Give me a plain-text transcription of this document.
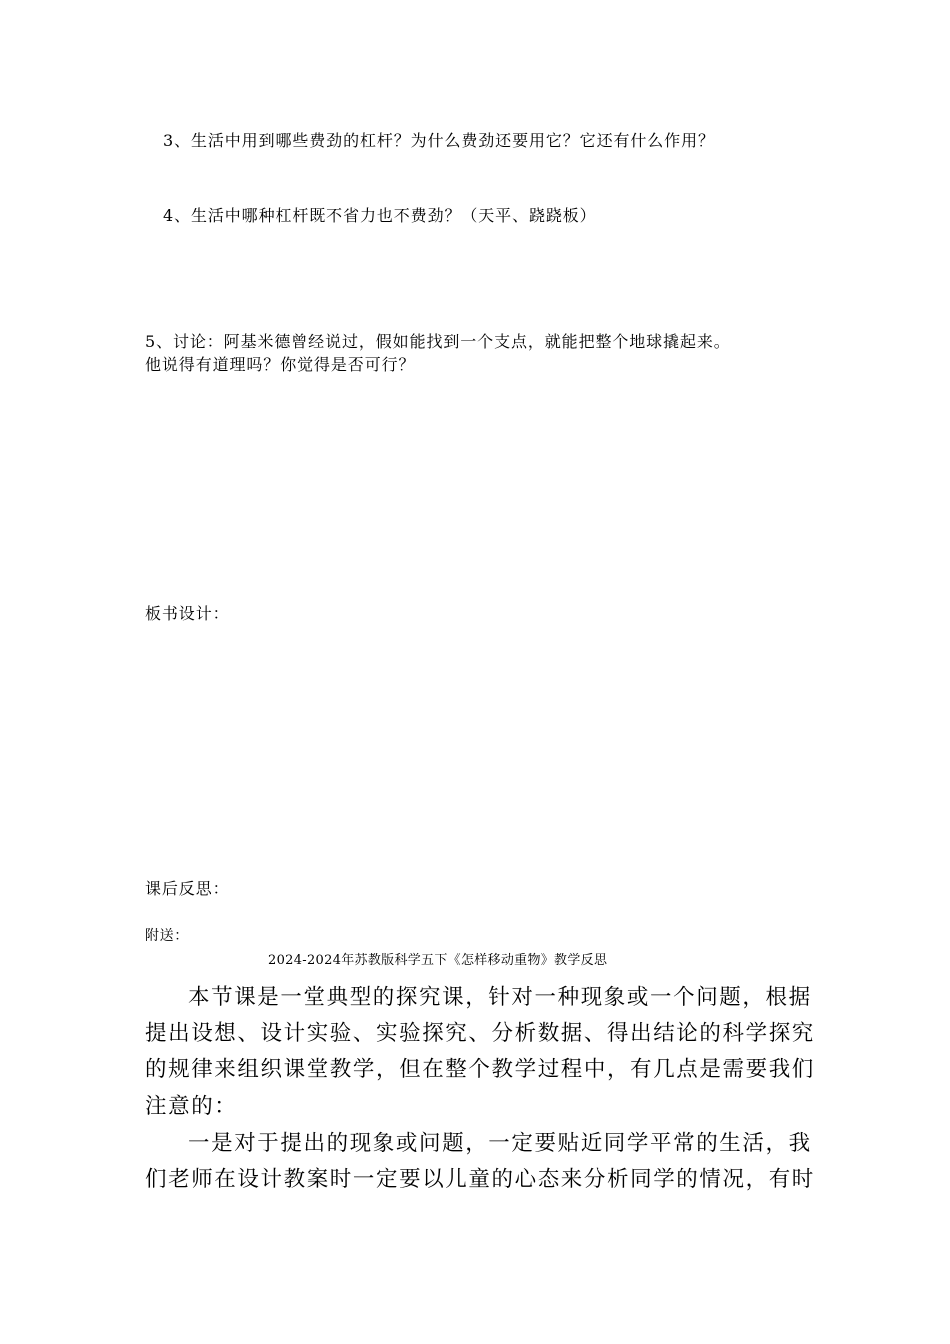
3、生活中用到哪些费劲的杠杆？为什么费劲还要用它？它还有什么作用？

4、生活中哪种杠杆既不省力也不费劲？（天平、跷跷板）

5、讨论：阿基米德曾经说过，假如能找到一个支点，就能把整个地球撬起来。

他说得有道理吗？你觉得是否可行？

板书设计：

课后反思：

附送：

2024-2024年苏教版科学五下《怎样移动重物》教学反思

本节课是一堂典型的探究课，针对一种现象或一个问题，根据

提出设想、设计实验、实验探究、分析数据、得出结论的科学探究

的规律来组织课堂教学，但在整个教学过程中，有几点是需要我们

注意的：

一是对于提出的现象或问题，一定要贴近同学平常的生活，我

们老师在设计教案时一定要以儿童的心态来分析同学的情况，有时
